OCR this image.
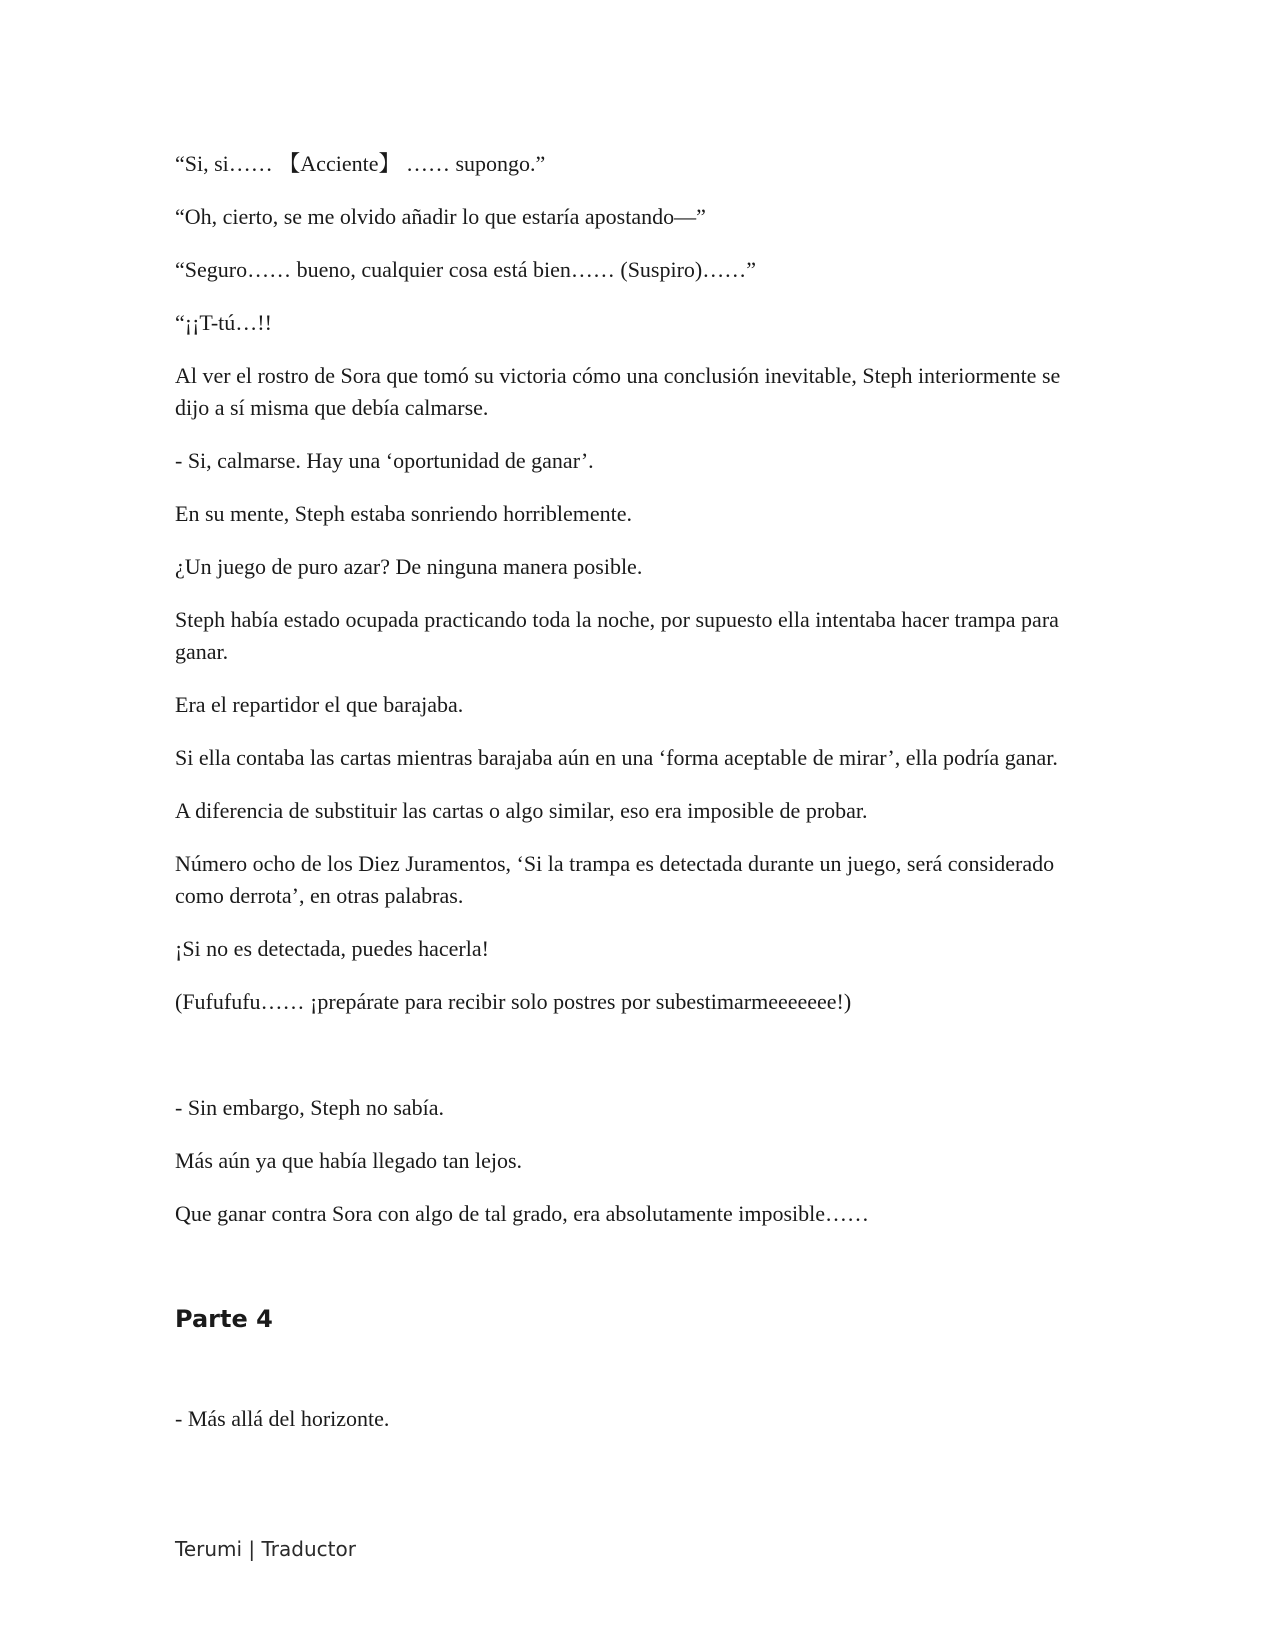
“Si, si…… 【Acciente】 …… supongo.”

“Oh, cierto, se me olvido añadir lo que estaría apostando—”

“Seguro…… bueno, cualquier cosa está bien…… (Suspiro)……”

“¡¡T-tú…!!

Al ver el rostro de Sora que tomó su victoria cómo una conclusión inevitable, Steph interiormente se dijo a sí misma que debía calmarse.

- Si, calmarse. Hay una ‘oportunidad de ganar’.

En su mente, Steph estaba sonriendo horriblemente.

¿Un juego de puro azar? De ninguna manera posible.

Steph había estado ocupada practicando toda la noche, por supuesto ella intentaba hacer trampa para ganar.

Era el repartidor el que barajaba.

Si ella contaba las cartas mientras barajaba aún en una ‘forma aceptable de mirar’, ella podría ganar.

A diferencia de substituir las cartas o algo similar, eso era imposible de probar.

Número ocho de los Diez Juramentos, ‘Si la trampa es detectada durante un juego, será considerado como derrota’, en otras palabras.

¡Si no es detectada, puedes hacerla!

(Fufufufu…… ¡prepárate para recibir solo postres por subestimarmeeeeeee!)

- Sin embargo, Steph no sabía.

Más aún ya que había llegado tan lejos.

Que ganar contra Sora con algo de tal grado, era absolutamente imposible……

Parte 4

- Más allá del horizonte.

Terumi | Traductor
